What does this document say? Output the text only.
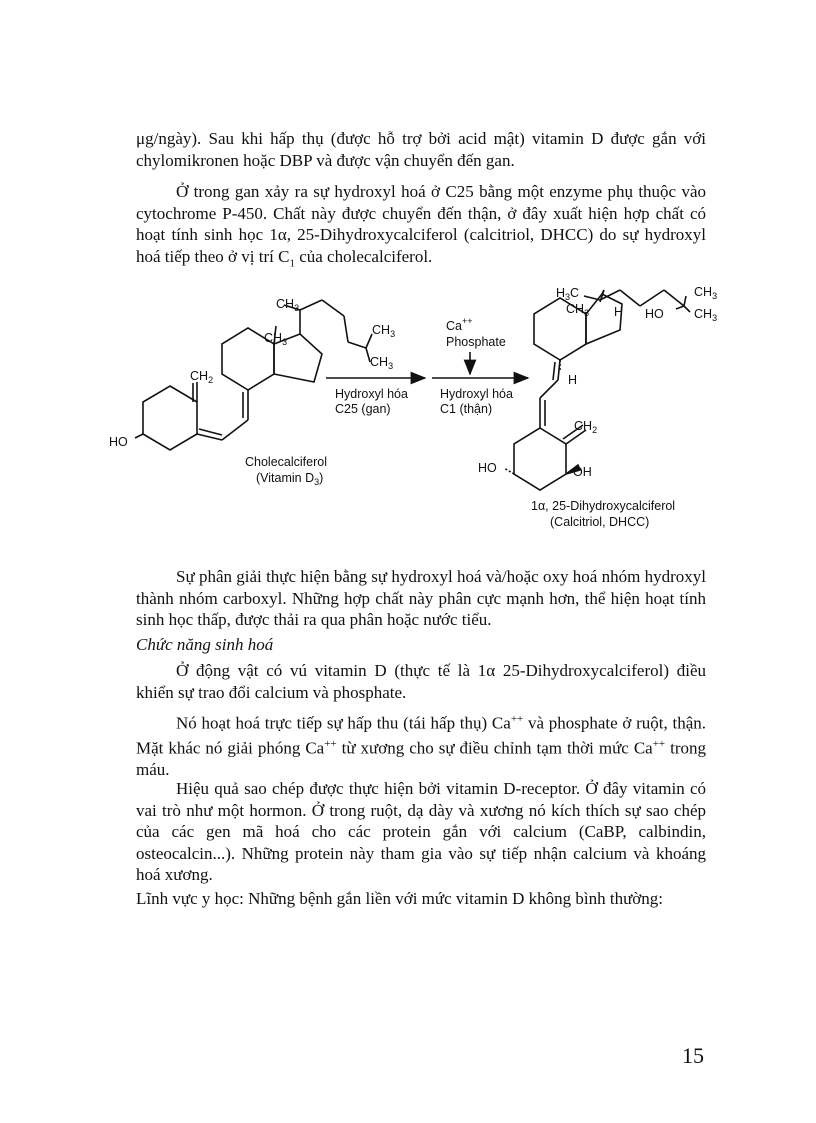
μg/ngày). Sau khi hấp thụ (được hỗ trợ bởi acid mật) vitamin D được gắn với chylomikronen hoặc DBP và được vận chuyển đến gan.

Ở trong gan xảy ra sự hydroxyl hoá ở C25 bằng một enzyme phụ thuộc vào cytochrome P-450. Chất này được chuyển đến thận, ở đây xuất hiện hợp chất có hoạt tính sinh học 1α, 25-Dihydroxycalciferol (calcitriol, DHCC) do sự hydroxyl hoá tiếp theo ở vị trí $C_1$ của cholecalciferol.

$CH_3$
$CH_3$
$CH_3$
$CH_3$
$CH_2$
HO
Cholecalciferol
(Vitamin $D_3$)
Hydroxyl hóa
C25 (gan)
Ca++
Phosphate
Hydroxyl hóa
C1 (thận)
$H_3C$
$CH_3$ H
H
HO
$CH_3$
$CH_3$
$CH_2$
HO	OH
1α, 25-Dihydroxycalciferol
(Calcitriol, DHCC)

Sự phân giải thực hiện bằng sự hydroxyl hoá và/hoặc oxy hoá nhóm hydroxyl thành nhóm carboxyl. Những hợp chất này phân cực mạnh hơn, thể hiện hoạt tính sinh học thấp, được thải ra qua phân hoặc nước tiểu.

Chức năng sinh hoá

Ở động vật có vú vitamin D (thực tế là 1α 25-Dihydroxycalciferol) điều khiển sự trao đổi calcium và phosphate.

Nó hoạt hoá trực tiếp sự hấp thu (tái hấp thụ) Ca++ và phosphate ở ruột, thận. Mặt khác nó giải phóng Ca++ từ xương cho sự điều chỉnh tạm thời mức Ca++ trong máu.

Hiệu quả sao chép được thực hiện bởi vitamin D-receptor. Ở đây vitamin có vai trò như một hormon. Ở trong ruột, dạ dày và xương nó kích thích sự sao chép của các gen mã hoá cho các protein gắn với calcium (CaBP, calbindin, osteocalcin...). Những protein này tham gia vào sự tiếp nhận calcium và khoáng hoá xương.

Lĩnh vực y học: Những bệnh gắn liền với mức vitamin D không bình thường:

15
